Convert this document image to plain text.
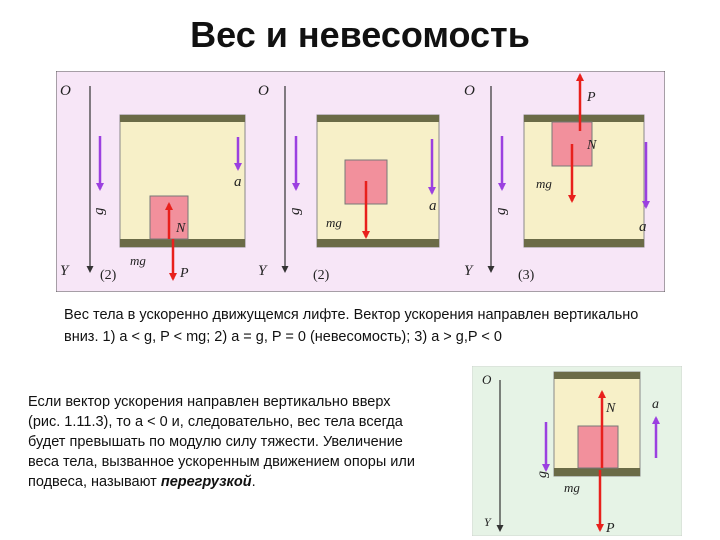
Вес и невесомость
O
Y
g
a
N
P
mg
(2)
O
Y
g
mg
a
(2)
O
Y
g
P
N
mg
a
(3)
Вес тела в ускоренно движущемся лифте. Вектор ускорения направлен вертикально вниз. 1) a < g, P < mg; 2) a = g, P = 0 (невесомость); 3) a > g,P < 0
Если вектор ускорения направлен вертикально вверх (рис. 1.11.3), то a < 0 и, следовательно, вес тела всегда будет превышать по модулю силу тяжести. Увеличение веса тела, вызванное ускоренным движением опоры или подвеса, называют перегрузкой.
O
Y
g
N
mg
P
a
